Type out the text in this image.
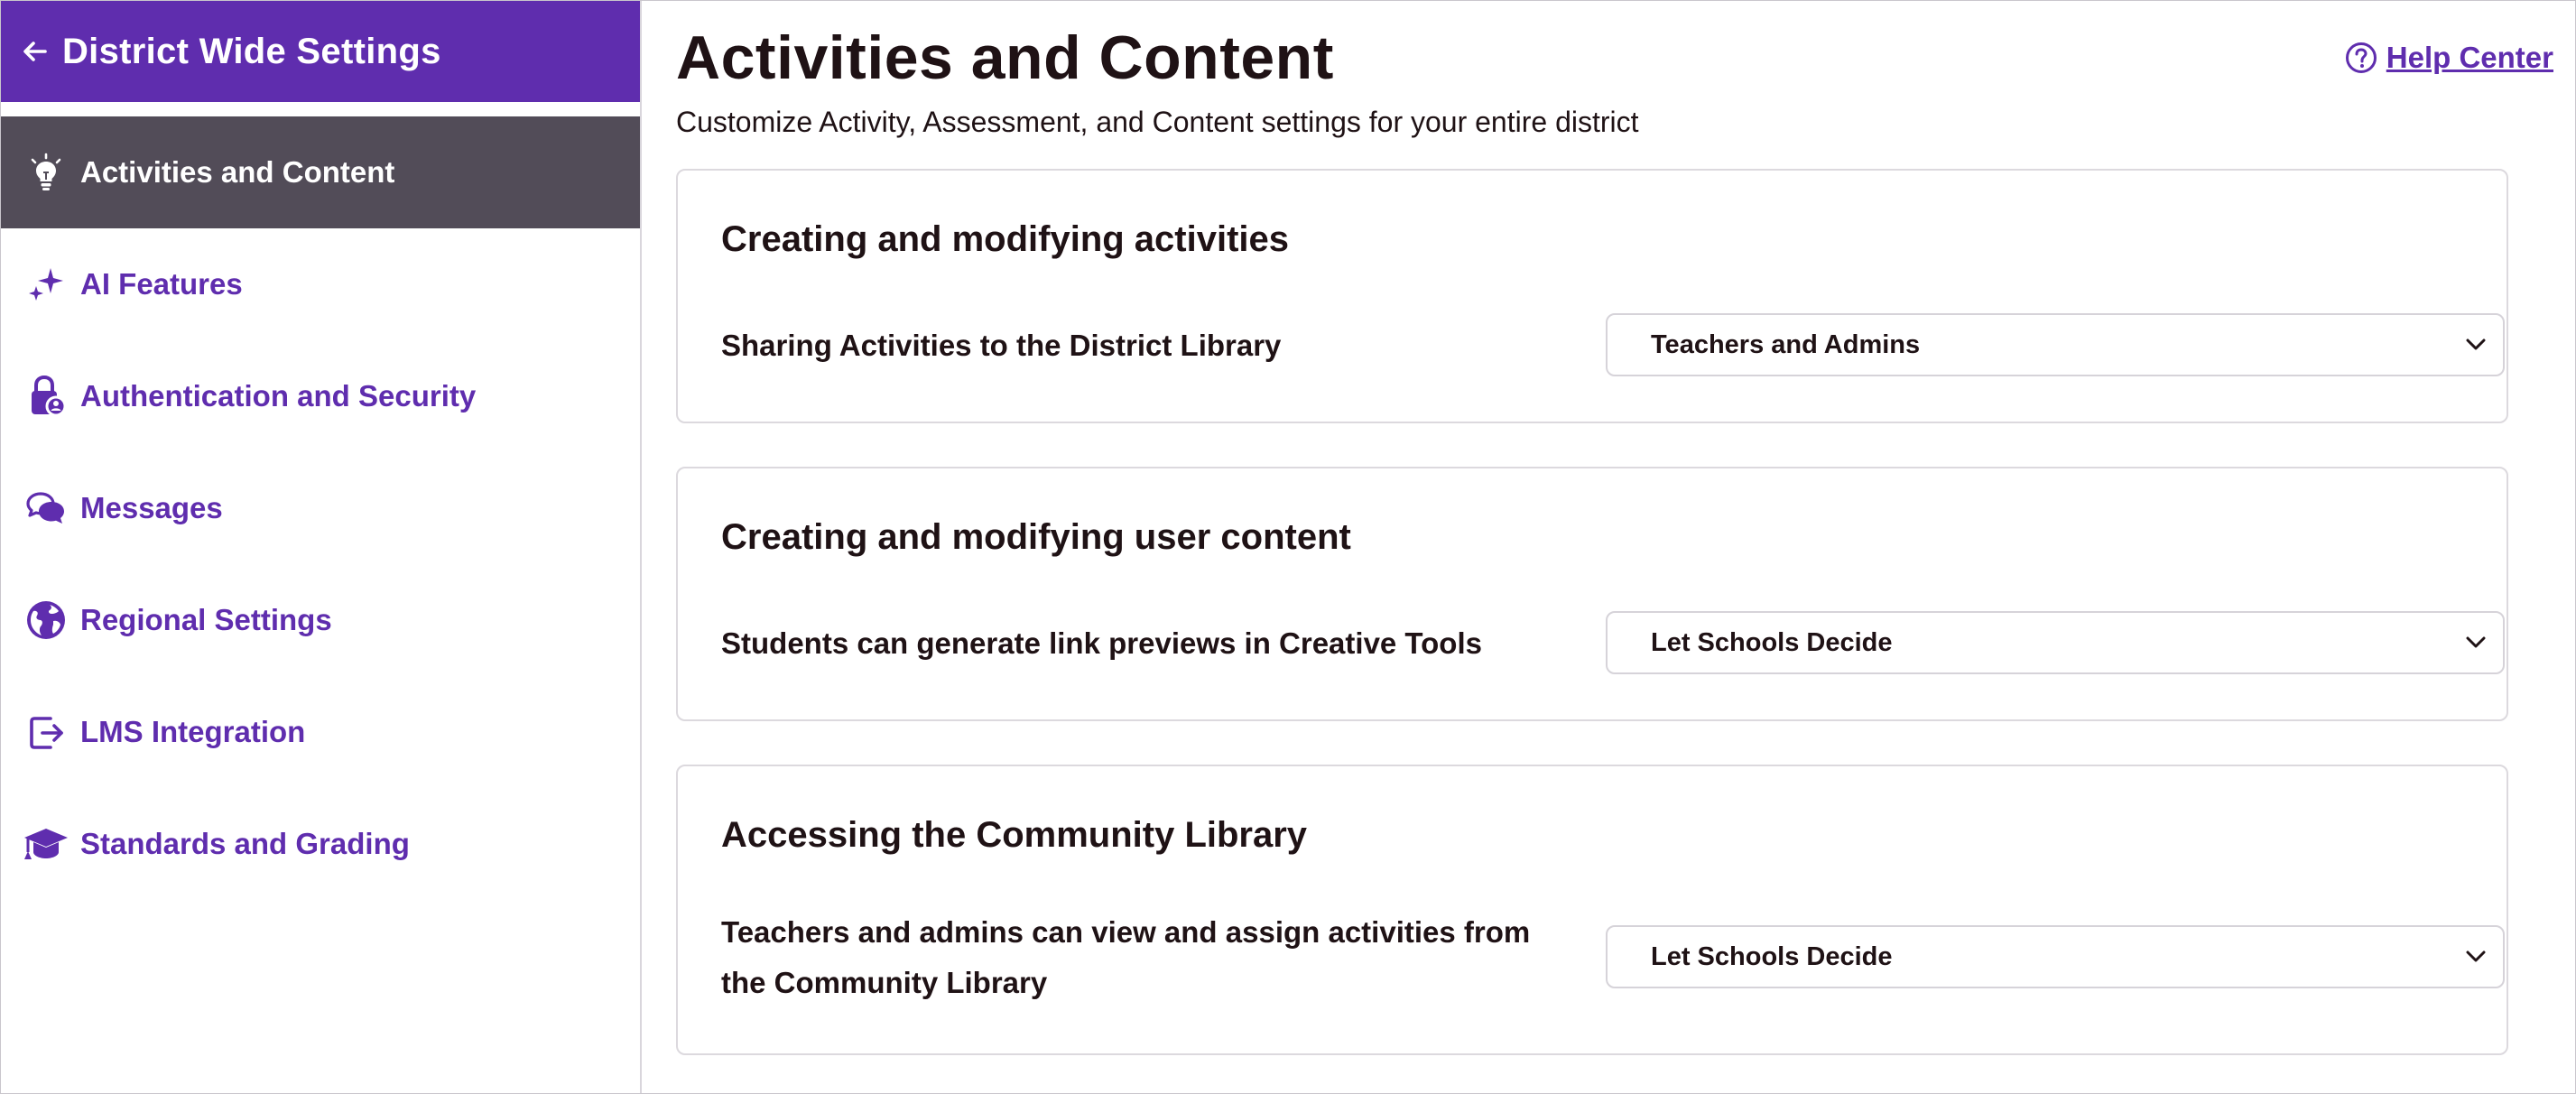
District Wide Settings
Activities and Content
AI Features
Authentication and Security
Messages
Regional Settings
LMS Integration
Standards and Grading
Activities and Content
Customize Activity, Assessment, and Content settings for your entire district
Help Center
Creating and modifying activities
Sharing Activities to the District Library	Teachers and Admins
Creating and modifying user content
Students can generate link previews in Creative Tools	Let Schools Decide
Accessing the Community Library
Teachers and admins can view and assign activities from the Community Library
Let Schools Decide
